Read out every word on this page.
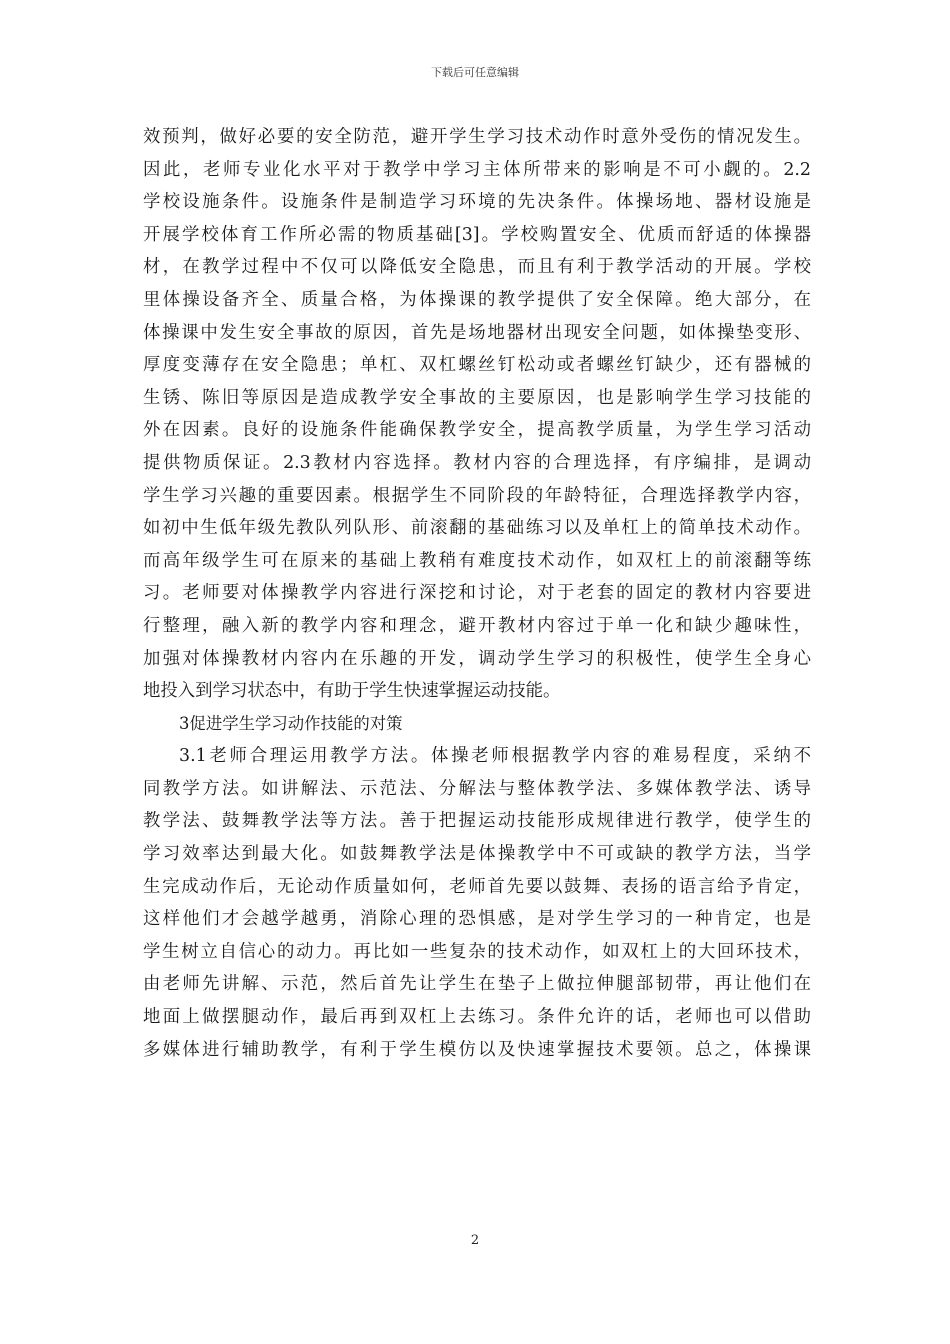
下载后可任意编辑
效预判，做好必要的安全防范，避开学生学习技术动作时意外受伤的情况发生。
因此，老师专业化水平对于教学中学习主体所带来的影响是不可小觑的。2.2
学校设施条件。设施条件是制造学习环境的先决条件。体操场地、器材设施是
开展学校体育工作所必需的物质基础[3]。学校购置安全、优质而舒适的体操器
材，在教学过程中不仅可以降低安全隐患，而且有利于教学活动的开展。学校
里体操设备齐全、质量合格，为体操课的教学提供了安全保障。绝大部分，在
体操课中发生安全事故的原因，首先是场地器材出现安全问题，如体操垫变形、
厚度变薄存在安全隐患；单杠、双杠螺丝钉松动或者螺丝钉缺少，还有器械的
生锈、陈旧等原因是造成教学安全事故的主要原因，也是影响学生学习技能的
外在因素。良好的设施条件能确保教学安全，提高教学质量，为学生学习活动
提供物质保证。2.3教材内容选择。教材内容的合理选择，有序编排，是调动
学生学习兴趣的重要因素。根据学生不同阶段的年龄特征，合理选择教学内容，
如初中生低年级先教队列队形、前滚翻的基础练习以及单杠上的简单技术动作。
而高年级学生可在原来的基础上教稍有难度技术动作，如双杠上的前滚翻等练
习。老师要对体操教学内容进行深挖和讨论，对于老套的固定的教材内容要进
行整理，融入新的教学内容和理念，避开教材内容过于单一化和缺少趣味性，
加强对体操教材内容内在乐趣的开发，调动学生学习的积极性，使学生全身心
地投入到学习状态中，有助于学生快速掌握运动技能。
3促进学生学习动作技能的对策
3.1老师合理运用教学方法。体操老师根据教学内容的难易程度，采纳不
同教学方法。如讲解法、示范法、分解法与整体教学法、多媒体教学法、诱导
教学法、鼓舞教学法等方法。善于把握运动技能形成规律进行教学，使学生的
学习效率达到最大化。如鼓舞教学法是体操教学中不可或缺的教学方法，当学
生完成动作后，无论动作质量如何，老师首先要以鼓舞、表扬的语言给予肯定，
这样他们才会越学越勇，消除心理的恐惧感，是对学生学习的一种肯定，也是
学生树立自信心的动力。再比如一些复杂的技术动作，如双杠上的大回环技术，
由老师先讲解、示范，然后首先让学生在垫子上做拉伸腿部韧带，再让他们在
地面上做摆腿动作，最后再到双杠上去练习。条件允许的话，老师也可以借助
多媒体进行辅助教学，有利于学生模仿以及快速掌握技术要领。总之，体操课
2
